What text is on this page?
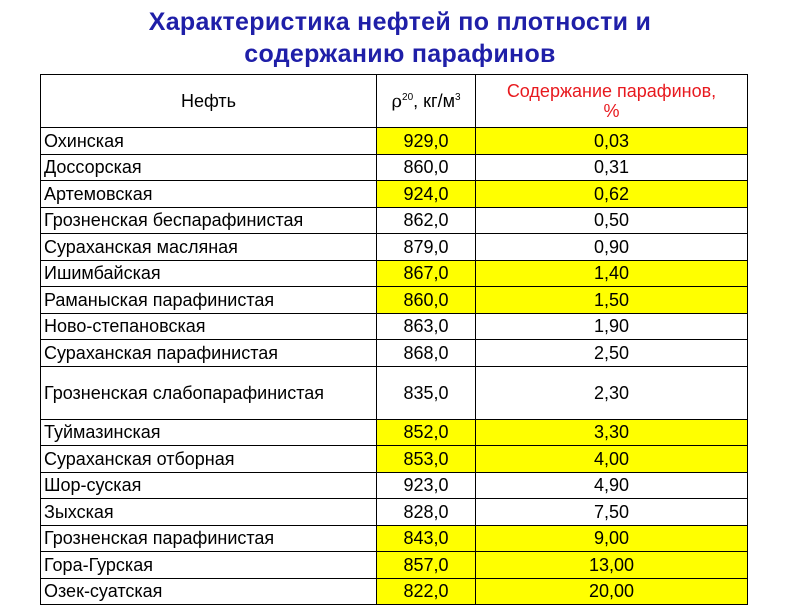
Характеристика нефтей по плотности и
содержанию парафинов
Нефть	$\rho^{20}$, $кг/м^3$	Содержание парафинов,
%

Охинская	929,0	0,03
Доссорская	860,0	0,31
Артемовская	924,0	0,62
Грозненская беспарафинистая	862,0	0,50
Сураханская масляная	879,0	0,90
Ишимбайская	867,0	1,40
Раманыская парафинистая	860,0	1,50
Ново-степановская	863,0	1,90
Сураханская парафинистая	868,0	2,50
Грозненская слабопарафинистая	835,0	2,30
Туймазинская	852,0	3,30
Сураханская отборная	853,0	4,00
Шор-суская	923,0	4,90
Зыхская	828,0	7,50
Грозненская парафинистая	843,0	9,00
Гора-Гурская	857,0	13,00
Озек-суатская	822,0	20,00
